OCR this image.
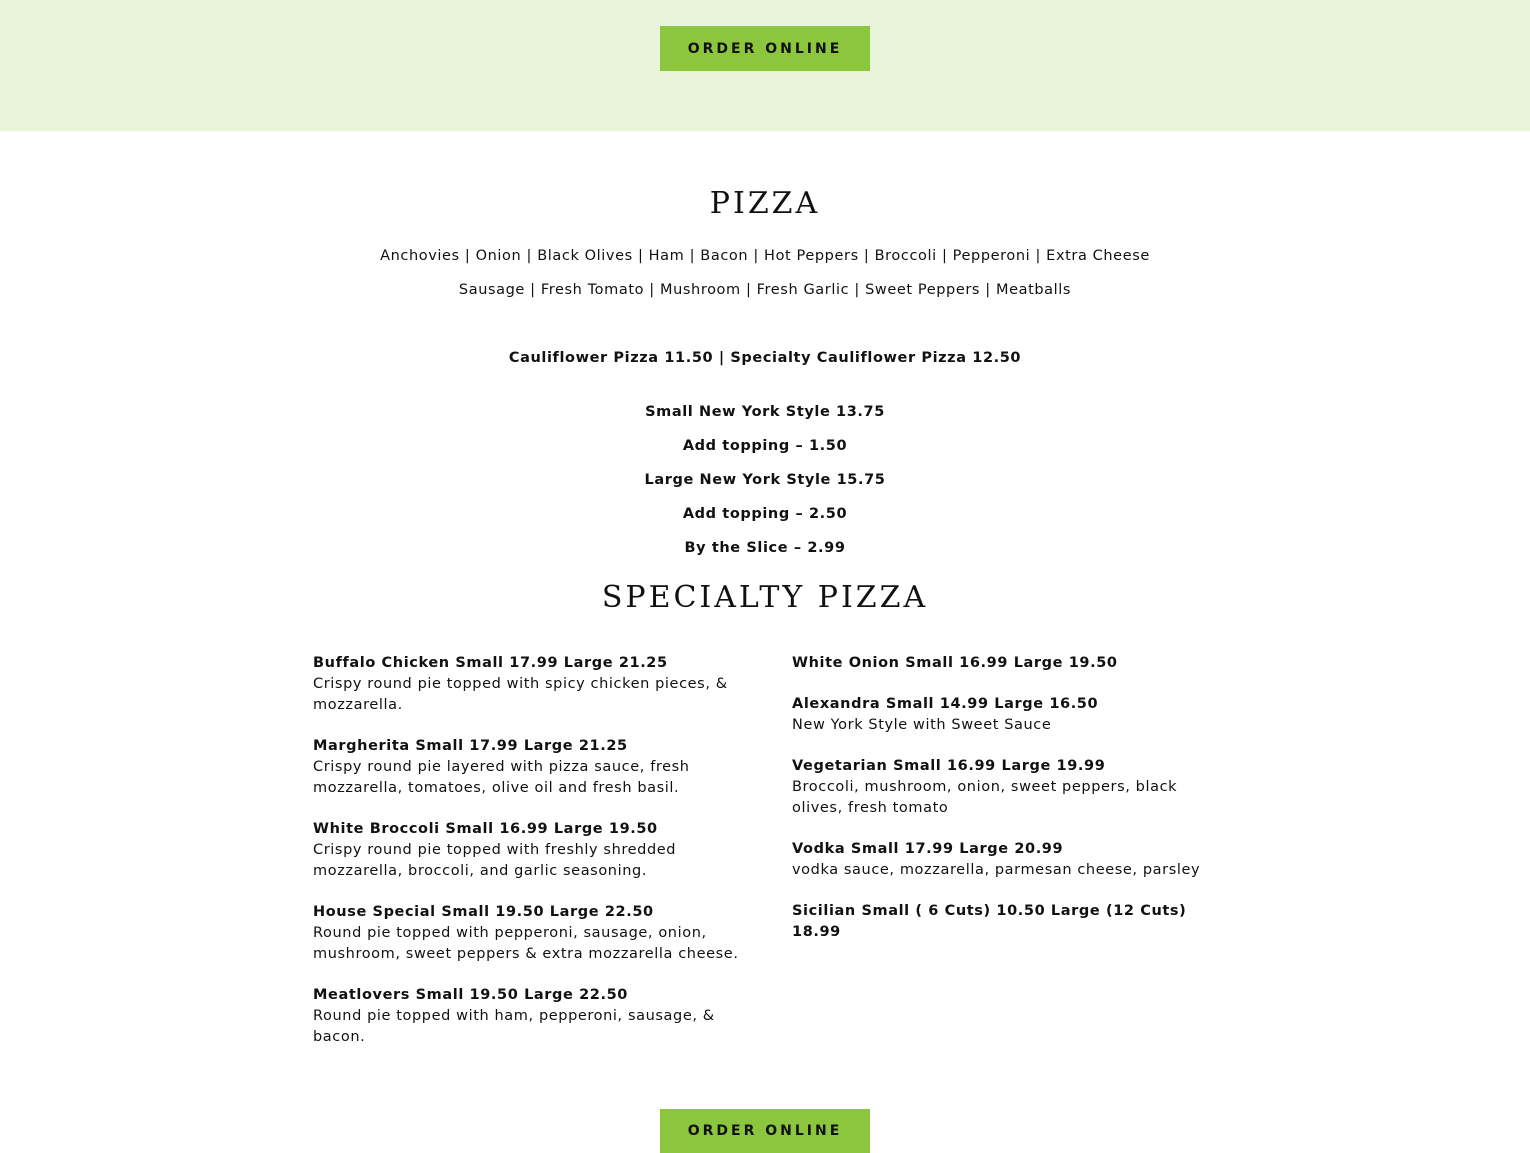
ORDER ONLINE
PIZZA
Anchovies | Onion | Black Olives | Ham | Bacon | Hot Peppers | Broccoli | Pepperoni | Extra Cheese
Sausage | Fresh Tomato | Mushroom | Fresh Garlic | Sweet Peppers | Meatballs
Cauliflower Pizza 11.50 | Specialty Cauliflower Pizza 12.50
Small New York Style 13.75
Add topping – 1.50
Large New York Style 15.75
Add topping – 2.50
By the Slice – 2.99
SPECIALTY PIZZA
Buffalo Chicken Small 17.99 Large 21.25
Crispy round pie topped with spicy chicken pieces, & mozzarella.
Margherita Small 17.99 Large 21.25
Crispy round pie layered with pizza sauce, fresh mozzarella, tomatoes, olive oil and fresh basil.
White Broccoli Small 16.99 Large 19.50
Crispy round pie topped with freshly shredded mozzarella, broccoli, and garlic seasoning.
House Special Small 19.50 Large 22.50
Round pie topped with pepperoni, sausage, onion, mushroom, sweet peppers & extra mozzarella cheese.
Meatlovers Small 19.50 Large 22.50
Round pie topped with ham, pepperoni, sausage, & bacon.
White Onion Small 16.99 Large 19.50
Alexandra Small 14.99 Large 16.50
New York Style with Sweet Sauce
Vegetarian Small 16.99 Large 19.99
Broccoli, mushroom, onion, sweet peppers, black olives, fresh tomato
Vodka Small 17.99 Large 20.99
vodka sauce, mozzarella, parmesan cheese, parsley
Sicilian Small ( 6 Cuts) 10.50 Large (12 Cuts) 18.99
ORDER ONLINE
